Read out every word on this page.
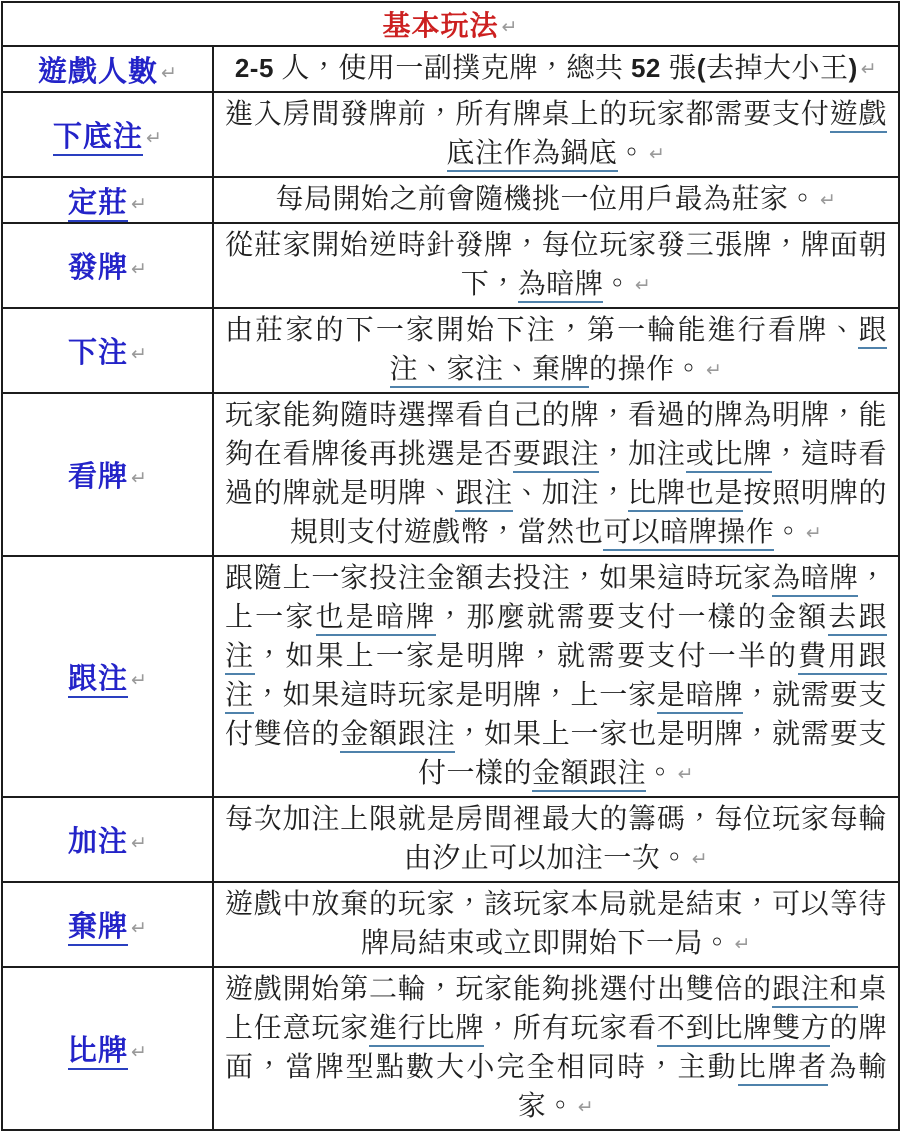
基本玩法 ↵	
遊戲人數 ↵	2-5 人，使用一副撲克牌，總共 52 張(去掉大小王) ↵
下底注 ↵	進入房間發牌前，所有牌桌上的玩家都需要支付遊戲底注作為鍋底。 ↵
定莊 ↵	每局開始之前會隨機挑一位用戶最為莊家。 ↵
發牌 ↵	從莊家開始逆時針發牌，每位玩家發三張牌，牌面朝下，為暗牌。 ↵
下注 ↵	由莊家的下一家開始下注，第一輪能進行看牌、跟注、家注、棄牌的操作。 ↵
看牌 ↵	玩家能夠隨時選擇看自己的牌，看過的牌為明牌，能夠在看牌後再挑選是否要跟注，加注或比牌，這時看過的牌就是明牌、跟注、加注，比牌也是按照明牌的規則支付遊戲幣，當然也可以暗牌操作。 ↵
跟注 ↵	跟隨上一家投注金額去投注，如果這時玩家為暗牌，上一家也是暗牌，那麼就需要支付一樣的金額去跟注，如果上一家是明牌，就需要支付一半的費用跟注，如果這時玩家是明牌，上一家是暗牌，就需要支付雙倍的金額跟注，如果上一家也是明牌，就需要支付一樣的金額跟注。 ↵
加注 ↵	每次加注上限就是房間裡最大的籌碼，每位玩家每輪由汐止可以加注一次。 ↵
棄牌 ↵	遊戲中放棄的玩家，該玩家本局就是結束，可以等待牌局結束或立即開始下一局。 ↵
比牌 ↵	遊戲開始第二輪，玩家能夠挑選付出雙倍的跟注和桌上任意玩家進行比牌，所有玩家看不到比牌雙方的牌面，當牌型點數大小完全相同時，主動比牌者為輸家。 ↵
